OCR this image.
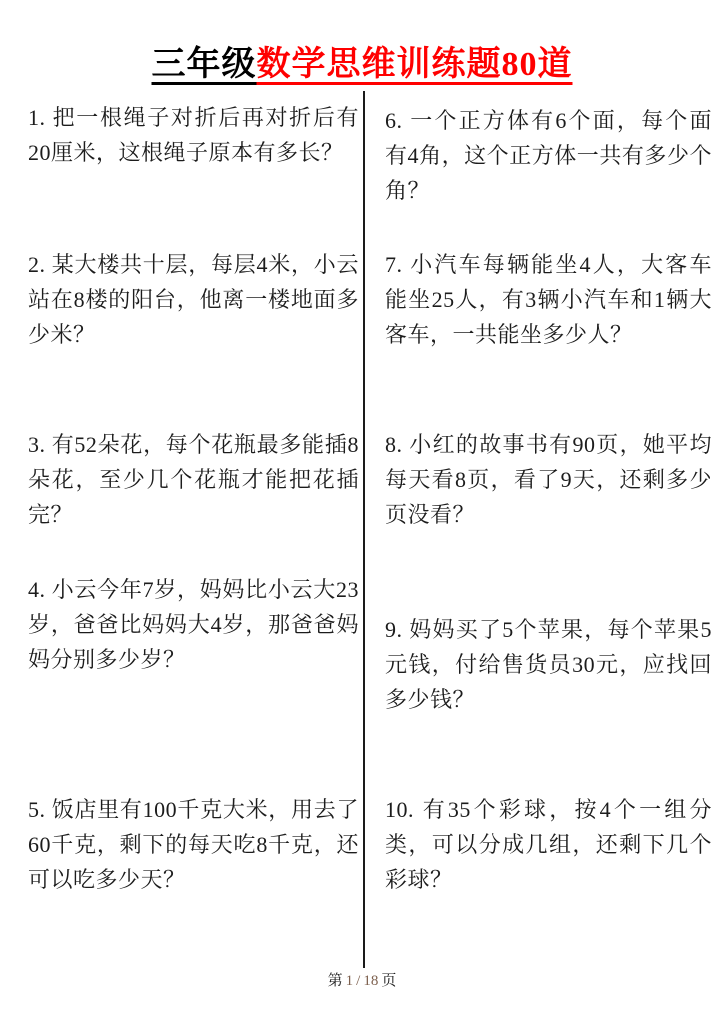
三年级数学思维训练题80道

1. 把一根绳子对折后再对折后有20厘米，这根绳子原本有多长？

2. 某大楼共十层，每层4米，小云站在8楼的阳台，他离一楼地面多少米？

3. 有52朵花，每个花瓶最多能插8朵花，至少几个花瓶才能把花插完？

4. 小云今年7岁，妈妈比小云大23岁，爸爸比妈妈大4岁，那爸爸妈妈分别多少岁？

5. 饭店里有100千克大米，用去了60千克，剩下的每天吃8千克，还可以吃多少天？

6. 一个正方体有6个面，每个面有4角，这个正方体一共有多少个角？

7. 小汽车每辆能坐4人，大客车能坐25人，有3辆小汽车和1辆大客车，一共能坐多少人？

8. 小红的故事书有90页，她平均每天看8页，看了9天，还剩多少页没看？

9. 妈妈买了5个苹果，每个苹果5元钱，付给售货员30元，应找回多少钱？

10. 有35个彩球，按4个一组分类，可以分成几组，还剩下几个彩球？

第 1 / 18 页
